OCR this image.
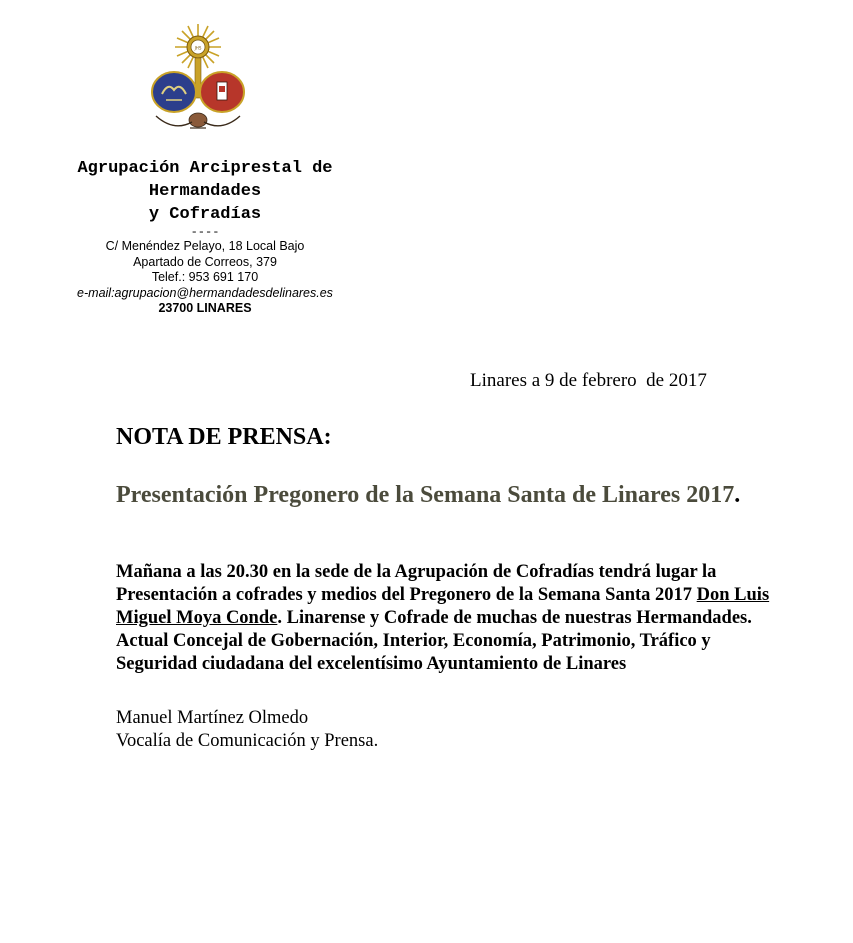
JHS
Agrupación Arciprestal de
Hermandades
y Cofradías
----
C/ Menéndez Pelayo, 18 Local Bajo
Apartado de Correos, 379
Telef.: 953 691 170
e-mail:agrupacion@hermandadesdelinares.es
23700 LINARES
Linares a 9 de febrero  de 2017
NOTA DE PRENSA:
Presentación Pregonero de la Semana Santa de Linares 2017.
Mañana a las 20.30 en la sede de la Agrupación de Cofradías tendrá lugar la
Presentación a cofrades y medios del Pregonero de la Semana Santa 2017 Don Luis
Miguel Moya Conde. Linarense y Cofrade de muchas de nuestras Hermandades.
Actual Concejal de Gobernación, Interior, Economía, Patrimonio, Tráfico y
Seguridad ciudadana del excelentísimo Ayuntamiento de Linares
Manuel Martínez Olmedo
Vocalía de Comunicación y Prensa.
